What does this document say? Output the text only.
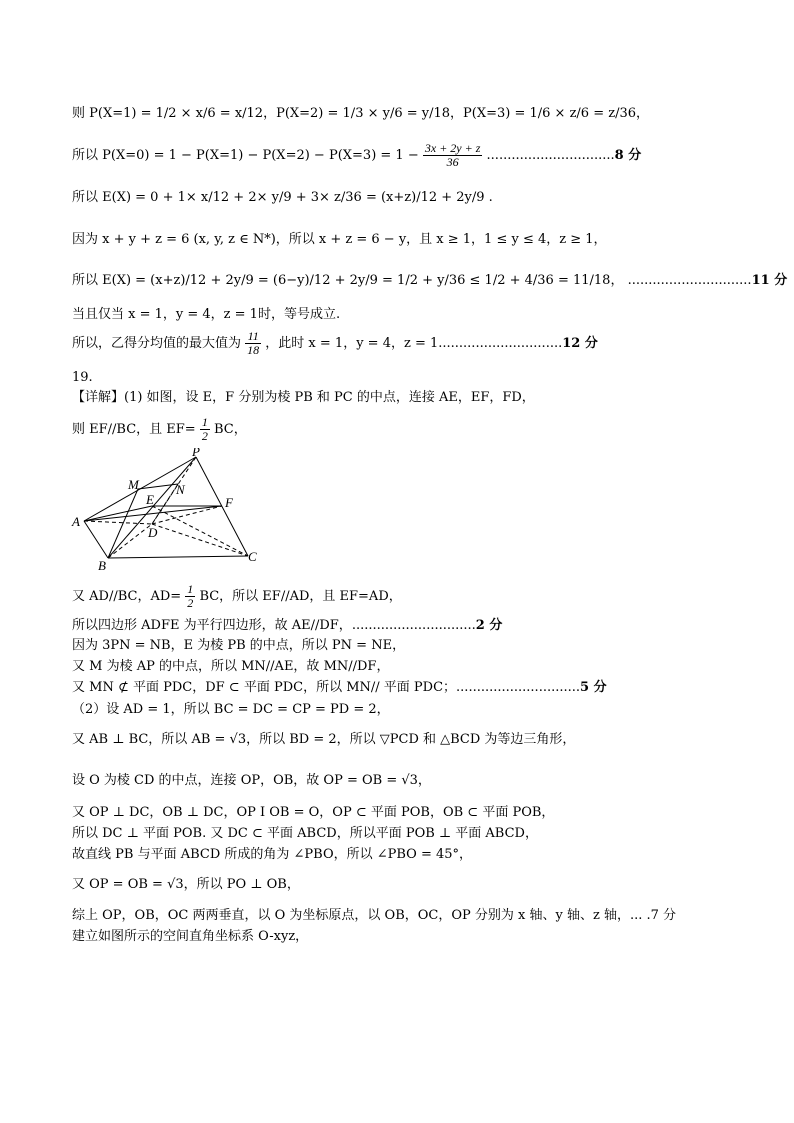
则 P(X=1) = 1/2 × x/6 = x/12，P(X=2) = 1/3 × y/6 = y/18，P(X=3) = 1/6 × z/6 = z/36，
所以 $P(X=0) = 1 - P(X=1) - P(X=2) - P(X=3) = 1 - \frac{3x + 2y + z}{36} ...............................8$ 分
所以 E(X) = 0 + 1× x/12 + 2× y/9 + 3× z/36 = (x+z)/12 + 2y/9 .
因为 x + y + z = 6 (x, y, z ∈ N*)，所以 x + z = 6 − y，且 x ≥ 1，1 ≤ y ≤ 4，z ≥ 1，
所以 E(X) = (x+z)/12 + 2y/9 = (6−y)/12 + 2y/9 = 1/2 + y/36 ≤ 1/2 + 4/36 = 11/18， ..............................11 分
当且仅当 x = 1，y = 4，z = 1时，等号成立.
所以，乙得分均值的最大值为 $\frac{11}{18}$ ，此时 x = 1，y = 4，z = 1..............................12 分
19.
【详解】(1) 如图，设 E，F 分别为棱 PB 和 PC 的中点，连接 AE，EF，FD，
则 EF//BC，且 $EF= \frac{1}{2}$ BC，
P
M	N
E	F
A
D
B
C
又 AD//BC，$AD= \frac{1}{2}$ BC，所以 EF//AD，且 EF=AD，
所以四边形 ADFE 为平行四边形，故 AE//DF，..............................2 分
因为 3PN = NB，E 为棱 PB 的中点，所以 PN = NE，
又 M 为棱 AP 的中点，所以 MN//AE，故 MN//DF，
又 MN ⊄ 平面 PDC，DF ⊂ 平面 PDC，所以 MN// 平面 PDC；..............................5 分
（2）设 AD = 1，所以 BC = DC = CP = PD = 2，
又 AB ⊥ BC，所以 AB = √3，所以 BD = 2，所以 ▽PCD 和 △BCD 为等边三角形，
设 O 为棱 CD 的中点，连接 OP，OB，故 OP = OB = √3，
又 OP ⊥ DC，OB ⊥ DC，OP I OB = O，OP ⊂ 平面 POB，OB ⊂ 平面 POB，
所以 DC ⊥ 平面 POB. 又 DC ⊂ 平面 ABCD，所以平面 POB ⊥ 平面 ABCD，
故直线 PB 与平面 ABCD 所成的角为 ∠PBO，所以 ∠PBO = 45°，
又 OP = OB = √3，所以 PO ⊥ OB，
综上 OP，OB，OC 两两垂直，以 O 为坐标原点，以 OB，OC，OP 分别为 x 轴、y 轴、z 轴，... .7 分
建立如图所示的空间直角坐标系 O-xyz，
